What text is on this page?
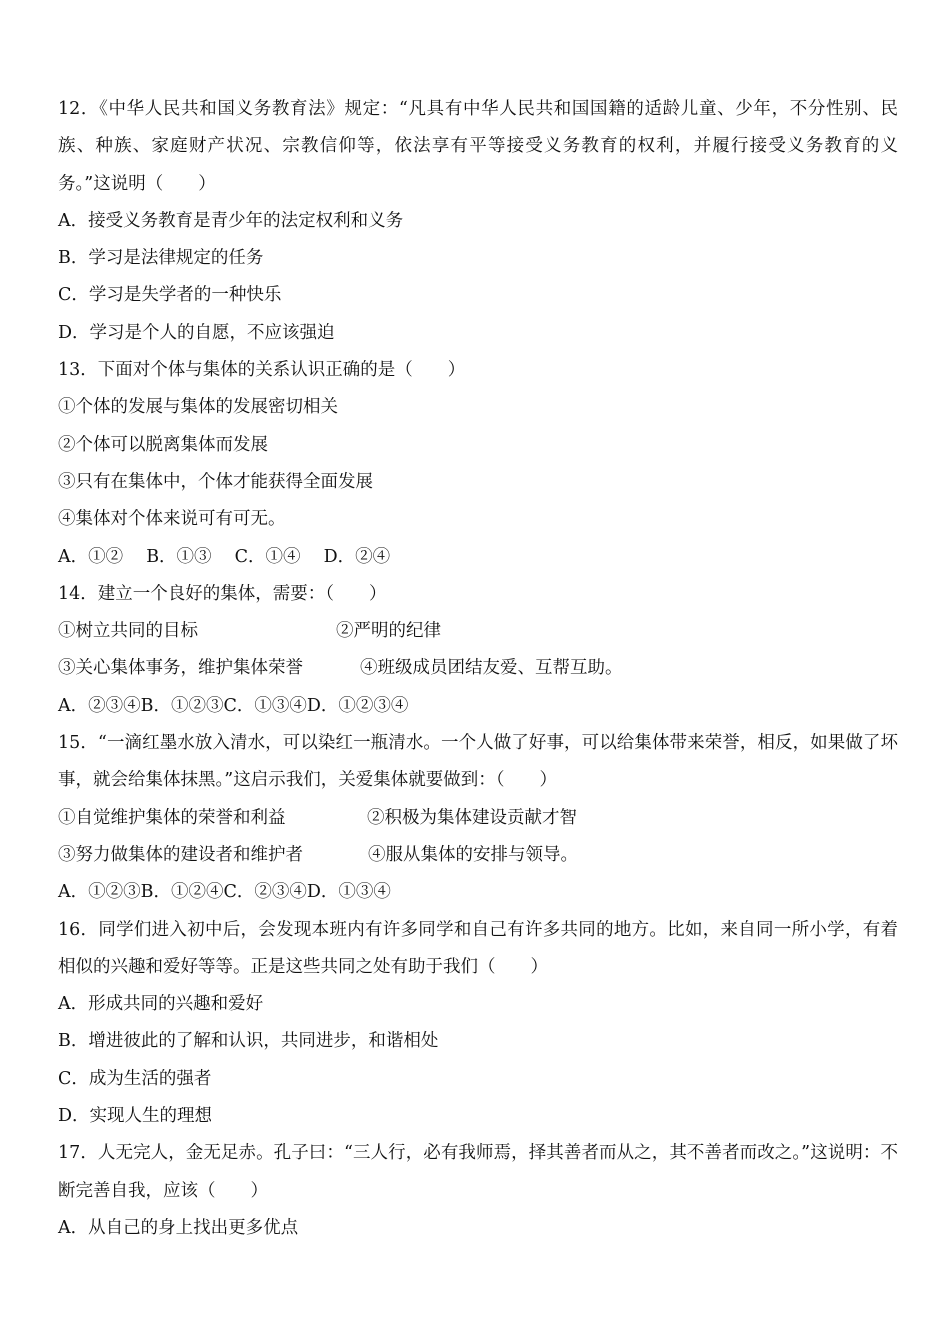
12．《中华人民共和国义务教育法》规定：“凡具有中华人民共和国国籍的适龄儿童、少年，不分性别、民族、种族、家庭财产状况、宗教信仰等，依法享有平等接受义务教育的权利，并履行接受义务教育的义务。”这说明（　　）
A．接受义务教育是青少年的法定权利和义务
B．学习是法律规定的任务
C．学习是失学者的一种快乐
D．学习是个人的自愿，不应该强迫
13．下面对个体与集体的关系认识正确的是（　　）
①个体的发展与集体的发展密切相关
②个体可以脱离集体而发展
③只有在集体中，个体才能获得全面发展
④集体对个体来说可有可无。
A．①②　 B．①③　 C．①④　 D．②④
14．建立一个良好的集体，需要：（　　）
①树立共同的目标	②严明的纪律
③关心集体事务，维护集体荣誉	④班级成员团结友爱、互帮互助。
A．②③④B．①②③C．①③④D．①②③④
15．“一滴红墨水放入清水，可以染红一瓶清水。一个人做了好事，可以给集体带来荣誉，相反，如果做了坏事，就会给集体抹黑。”这启示我们，关爱集体就要做到：（　　）
①自觉维护集体的荣誉和利益	②积极为集体建设贡献才智
③努力做集体的建设者和维护者	④服从集体的安排与领导。
A．①②③B．①②④C．②③④D．①③④
16．同学们进入初中后，会发现本班内有许多同学和自己有许多共同的地方。比如，来自同一所小学，有着相似的兴趣和爱好等等。正是这些共同之处有助于我们（　　）
A．形成共同的兴趣和爱好
B．增进彼此的了解和认识，共同进步，和谐相处
C．成为生活的强者
D．实现人生的理想
17．人无完人，金无足赤。孔子曰：“三人行，必有我师焉，择其善者而从之，其不善者而改之。”这说明：不断完善自我，应该（　　）
A．从自己的身上找出更多优点
